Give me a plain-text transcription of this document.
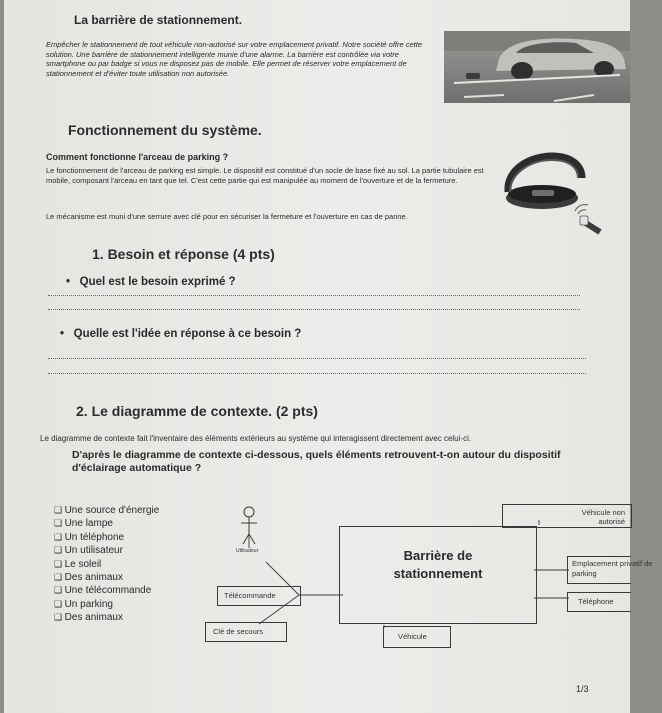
La barrière de stationnement.
Empêcher le stationnement de tout véhicule non-autorisé sur votre emplacement privatif. Notre société offre cette solution. Une barrière de stationnement intelligente munie d'une alarme. La barrière est contrôlée via votre smartphone ou par badge si vous ne disposez pas de mobile. Elle permet de réserver votre emplacement de stationnement et d'éviter toute utilisation non autorisée.
Fonctionnement du système.
Comment fonctionne l'arceau de parking ?
Le fonctionnement de l'arceau de parking est simple. Le dispositif est constitué d'un socle de base fixé au sol. La partie tubulaire est mobile, composant l'arceau en tant que tel. C'est cette partie qui est manipulée au moment de l'ouverture et de la fermeture.
Le mécanisme est muni d'une serrure avec clé pour en sécuriser la fermeture et l'ouverture en cas de panne.
1. Besoin et réponse (4 pts)
•   Quel est le besoin exprimé ?
•   Quelle est l'idée en réponse à ce besoin ?
2. Le diagramme de contexte. (2 pts)
Le diagramme de contexte fait l'inventaire des éléments extérieurs au système qui interagissent directement avec celui-ci.
D'après le diagramme de contexte ci-dessous, quels éléments retrouvent-t-on autour du dispositif d'éclairage automatique ?
❑ Une source d'énergie
❑ Une lampe
❑ Un téléphone
❑ Un utilisateur
❑ Le soleil
❑ Des animaux
❑ Une télécommande
❑ Un parking
❑ Des animaux
Utilisateur	Barrière de stationnement
Véhicule non autorisé
Emplacement privatif de parking
Téléphone
Télécommande
Clé de secours
Véhicule
1/3
